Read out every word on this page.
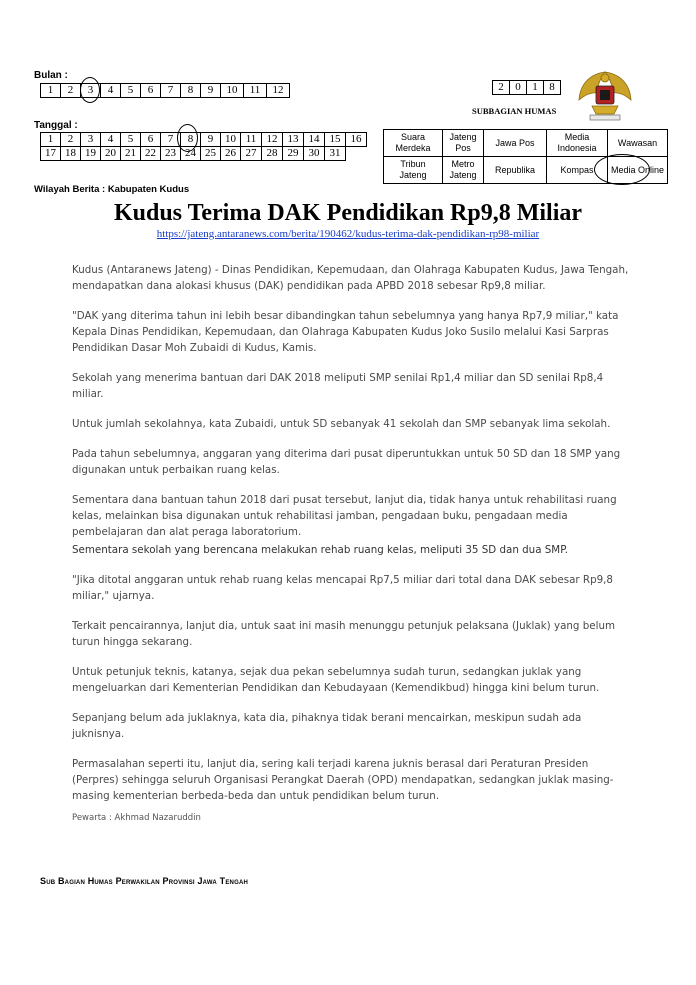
Bulan :
1	2	3	4	5	6	7	8	9	10	11	12
Tanggal :
1	2	3	4	5	6	7	8	9	10	11	12	13	14	15	16
17	18	19	20	21	22	23	24	25	26	27	28	29	30	31	
2	0	1	8
SUBBAGIAN HUMAS
Suara Merdeka	Jateng Pos	Jawa Pos	Media Indonesia	Wawasan
Tribun Jateng	Metro Jateng	Republika	Kompas	Media Online
Wilayah Berita : Kabupaten Kudus
Kudus Terima DAK Pendidikan Rp9,8 Miliar
https://jateng.antaranews.com/berita/190462/kudus-terima-dak-pendidikan-rp98-miliar

Kudus (Antaranews Jateng) - Dinas Pendidikan, Kepemudaan, dan Olahraga Kabupaten Kudus, Jawa Tengah, mendapatkan dana alokasi khusus (DAK) pendidikan pada APBD 2018 sebesar Rp9,8 miliar.

"DAK yang diterima tahun ini lebih besar dibandingkan tahun sebelumnya yang hanya Rp7,9 miliar," kata Kepala Dinas Pendidikan, Kepemudaan, dan Olahraga Kabupaten Kudus Joko Susilo melalui Kasi Sarpras Pendidikan Dasar Moh Zubaidi di Kudus, Kamis.

Sekolah yang menerima bantuan dari DAK 2018 meliputi SMP senilai Rp1,4 miliar dan SD senilai Rp8,4 miliar.

Untuk jumlah sekolahnya, kata Zubaidi, untuk SD sebanyak 41 sekolah dan SMP sebanyak lima sekolah.

Pada tahun sebelumnya, anggaran yang diterima dari pusat diperuntukkan untuk 50 SD dan 18 SMP yang digunakan untuk perbaikan ruang kelas.

Sementara dana bantuan tahun 2018 dari pusat tersebut, lanjut dia, tidak hanya untuk rehabilitasi ruang kelas, melainkan bisa digunakan untuk rehabilitasi jamban, pengadaan buku, pengadaan media pembelajaran dan alat peraga laboratorium.

Sementara sekolah yang berencana melakukan rehab ruang kelas, meliputi 35 SD dan dua SMP.

"Jika ditotal anggaran untuk rehab ruang kelas mencapai Rp7,5 miliar dari total dana DAK sebesar Rp9,8 miliar," ujarnya.

Terkait pencairannya, lanjut dia, untuk saat ini masih menunggu petunjuk pelaksana (Juklak) yang belum turun hingga sekarang.

Untuk petunjuk teknis, katanya, sejak dua pekan sebelumnya sudah turun, sedangkan juklak yang mengeluarkan dari Kementerian Pendidikan dan Kebudayaan (Kemendikbud) hingga kini belum turun.

Sepanjang belum ada juklaknya, kata dia, pihaknya tidak berani mencairkan, meskipun sudah ada juknisnya.

Permasalahan seperti itu, lanjut dia, sering kali terjadi karena juknis berasal dari Peraturan Presiden (Perpres) sehingga seluruh Organisasi Perangkat Daerah (OPD) mendapatkan, sedangkan juklak masing-masing kementerian berbeda-beda dan untuk pendidikan belum turun.

Pewarta : Akhmad Nazaruddin
Sub Bagian Humas Perwakilan Provinsi Jawa Tengah
